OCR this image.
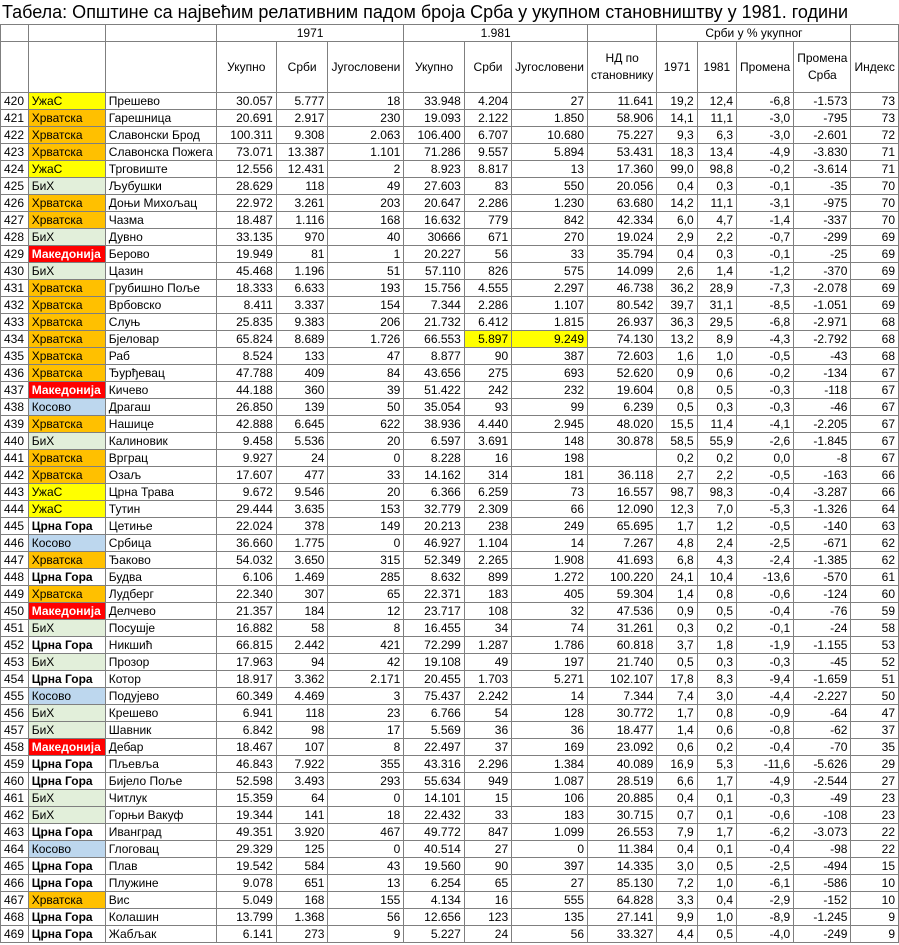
Табела: Општине са највећим релативним падом броја Срба у укупном становништву у 1981. години
			1971			1.981				Срби у % укупног				
			Укупно	Срби	Југословени	Укупно	Срби	Југословени	НД по становнику	1971	1981	Промена	Промена Срба	Индекс
420	УжаС	Прешево	30.057	5.777	18	33.948	4.204	27	11.641	19,2	12,4	-6,8	-1.573	73
421	Хрватска	Гарешница	20.691	2.917	230	19.093	2.122	1.850	58.906	14,1	11,1	-3,0	-795	73
422	Хрватска	Славонски Брод	100.311	9.308	2.063	106.400	6.707	10.680	75.227	9,3	6,3	-3,0	-2.601	72
423	Хрватска	Славонска Пожега	73.071	13.387	1.101	71.286	9.557	5.894	53.431	18,3	13,4	-4,9	-3.830	71
424	УжаС	Трговиште	12.556	12.431	2	8.923	8.817	13	17.360	99,0	98,8	-0,2	-3.614	71
425	БиХ	Љубушки	28.629	118	49	27.603	83	550	20.056	0,4	0,3	-0,1	-35	70
426	Хрватска	Доњи Михољац	22.972	3.261	203	20.647	2.286	1.230	63.680	14,2	11,1	-3,1	-975	70
427	Хрватска	Чазма	18.487	1.116	168	16.632	779	842	42.334	6,0	4,7	-1,4	-337	70
428	БиХ	Дувно	33.135	970	40	30666	671	270	19.024	2,9	2,2	-0,7	-299	69
429	Македонија	Берово	19.949	81	1	20.227	56	33	35.794	0,4	0,3	-0,1	-25	69
430	БиХ	Цазин	45.468	1.196	51	57.110	826	575	14.099	2,6	1,4	-1,2	-370	69
431	Хрватска	Грубишно Поље	18.333	6.633	193	15.756	4.555	2.297	46.738	36,2	28,9	-7,3	-2.078	69
432	Хрватска	Врбовско	8.411	3.337	154	7.344	2.286	1.107	80.542	39,7	31,1	-8,5	-1.051	69
433	Хрватска	Слуњ	25.835	9.383	206	21.732	6.412	1.815	26.937	36,3	29,5	-6,8	-2.971	68
434	Хрватска	Бјеловар	65.824	8.689	1.726	66.553	5.897	9.249	74.130	13,2	8,9	-4,3	-2.792	68
435	Хрватска	Раб	8.524	133	47	8.877	90	387	72.603	1,6	1,0	-0,5	-43	68
436	Хрватска	Ђурђевац	47.788	409	84	43.656	275	693	52.620	0,9	0,6	-0,2	-134	67
437	Македонија	Кичево	44.188	360	39	51.422	242	232	19.604	0,8	0,5	-0,3	-118	67
438	Косово	Драгаш	26.850	139	50	35.054	93	99	6.239	0,5	0,3	-0,3	-46	67
439	Хрватска	Нашице	42.888	6.645	622	38.936	4.440	2.945	48.020	15,5	11,4	-4,1	-2.205	67
440	БиХ	Калиновик	9.458	5.536	20	6.597	3.691	148	30.878	58,5	55,9	-2,6	-1.845	67
441	Хрватска	Врграц	9.927	24	0	8.228	16	198		0,2	0,2	0,0	-8	67
442	Хрватска	Озаљ	17.607	477	33	14.162	314	181	36.118	2,7	2,2	-0,5	-163	66
443	УжаС	Црна Трава	9.672	9.546	20	6.366	6.259	73	16.557	98,7	98,3	-0,4	-3.287	66
444	УжаС	Тутин	29.444	3.635	153	32.779	2.309	66	12.090	12,3	7,0	-5,3	-1.326	64
445	Црна Гора	Цетиње	22.024	378	149	20.213	238	249	65.695	1,7	1,2	-0,5	-140	63
446	Косово	Србица	36.660	1.775	0	46.927	1.104	14	7.267	4,8	2,4	-2,5	-671	62
447	Хрватска	Ђаково	54.032	3.650	315	52.349	2.265	1.908	41.693	6,8	4,3	-2,4	-1.385	62
448	Црна Гора	Будва	6.106	1.469	285	8.632	899	1.272	100.220	24,1	10,4	-13,6	-570	61
449	Хрватска	Лудберг	22.340	307	65	22.371	183	405	59.304	1,4	0,8	-0,6	-124	60
450	Македонија	Делчево	21.357	184	12	23.717	108	32	47.536	0,9	0,5	-0,4	-76	59
451	БиХ	Посушје	16.882	58	8	16.455	34	74	31.261	0,3	0,2	-0,1	-24	58
452	Црна Гора	Никшић	66.815	2.442	421	72.299	1.287	1.786	60.818	3,7	1,8	-1,9	-1.155	53
453	БиХ	Прозор	17.963	94	42	19.108	49	197	21.740	0,5	0,3	-0,3	-45	52
454	Црна Гора	Котор	18.917	3.362	2.171	20.455	1.703	5.271	102.107	17,8	8,3	-9,4	-1.659	51
455	Косово	Подујево	60.349	4.469	3	75.437	2.242	14	7.344	7,4	3,0	-4,4	-2.227	50
456	БиХ	Крешево	6.941	118	23	6.766	54	128	30.772	1,7	0,8	-0,9	-64	47
457	БиХ	Шавник	6.842	98	17	5.569	36	36	18.477	1,4	0,6	-0,8	-62	37
458	Македонија	Дебар	18.467	107	8	22.497	37	169	23.092	0,6	0,2	-0,4	-70	35
459	Црна Гора	Пљевља	46.843	7.922	355	43.316	2.296	1.384	40.089	16,9	5,3	-11,6	-5.626	29
460	Црна Гора	Бијело Поље	52.598	3.493	293	55.634	949	1.087	28.519	6,6	1,7	-4,9	-2.544	27
461	БиХ	Читлук	15.359	64	0	14.101	15	106	20.885	0,4	0,1	-0,3	-49	23
462	БиХ	Горњи Вакуф	19.344	141	18	22.432	33	183	30.715	0,7	0,1	-0,6	-108	23
463	Црна Гора	Иванград	49.351	3.920	467	49.772	847	1.099	26.553	7,9	1,7	-6,2	-3.073	22
464	Косово	Глоговац	29.329	125	0	40.514	27	0	11.384	0,4	0,1	-0,4	-98	22
465	Црна Гора	Плав	19.542	584	43	19.560	90	397	14.335	3,0	0,5	-2,5	-494	15
466	Црна Гора	Плужине	9.078	651	13	6.254	65	27	85.130	7,2	1,0	-6,1	-586	10
467	Хрватска	Вис	5.049	168	155	4.134	16	555	64.828	3,3	0,4	-2,9	-152	10
468	Црна Гора	Колашин	13.799	1.368	56	12.656	123	135	27.141	9,9	1,0	-8,9	-1.245	9
469	Црна Гора	Жабљак	6.141	273	9	5.227	24	56	33.327	4,4	0,5	-4,0	-249	9
